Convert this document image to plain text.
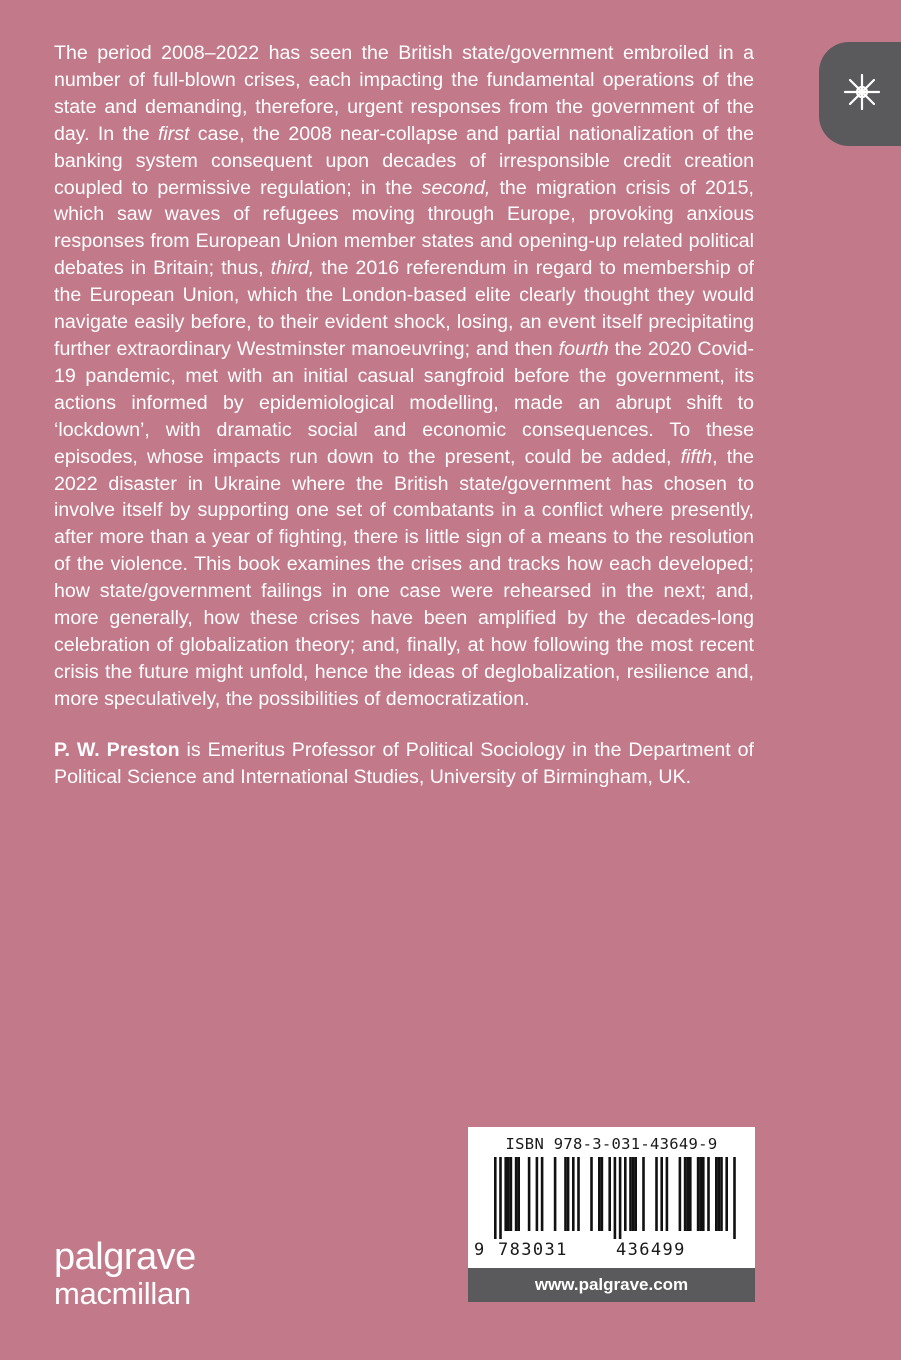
The period 2008–2022 has seen the British state/government embroiled in a number of full-blown crises, each impacting the fundamental operations of the state and demanding, therefore, urgent responses from the government of the day. In the first case, the 2008 near-collapse and partial nationalization of the banking system consequent upon decades of irresponsible credit creation coupled to permissive regulation; in the second, the migration crisis of 2015, which saw waves of refugees moving through Europe, provoking anxious responses from European Union member states and opening-up related political debates in Britain; thus, third, the 2016 referendum in regard to membership of the European Union, which the London-based elite clearly thought they would navigate easily before, to their evident shock, losing, an event itself precipitating further extraordinary Westminster manoeuvring; and then fourth the 2020 Covid-19 pandemic, met with an initial casual sangfroid before the government, its actions informed by epidemiological modelling, made an abrupt shift to ‘lockdown’, with dramatic social and economic consequences. To these episodes, whose impacts run down to the present, could be added, fifth, the 2022 disaster in Ukraine where the British state/government has chosen to involve itself by supporting one set of combatants in a conflict where presently, after more than a year of fighting, there is little sign of a means to the resolution of the violence. This book examines the crises and tracks how each developed; how state/government failings in one case were rehearsed in the next; and, more generally, how these crises have been amplified by the decades-long celebration of globalization theory; and, finally, at how following the most recent crisis the future might unfold, hence the ideas of deglobalization, resilience and, more speculatively, the possibilities of democratization.

P. W. Preston is Emeritus Professor of Political Sociology in the Department of Political Science and International Studies, University of Birmingham, UK.

palgrave
macmillan
ISBN 978-3-031-43649-9
9 783031	436499
www.palgrave.com
